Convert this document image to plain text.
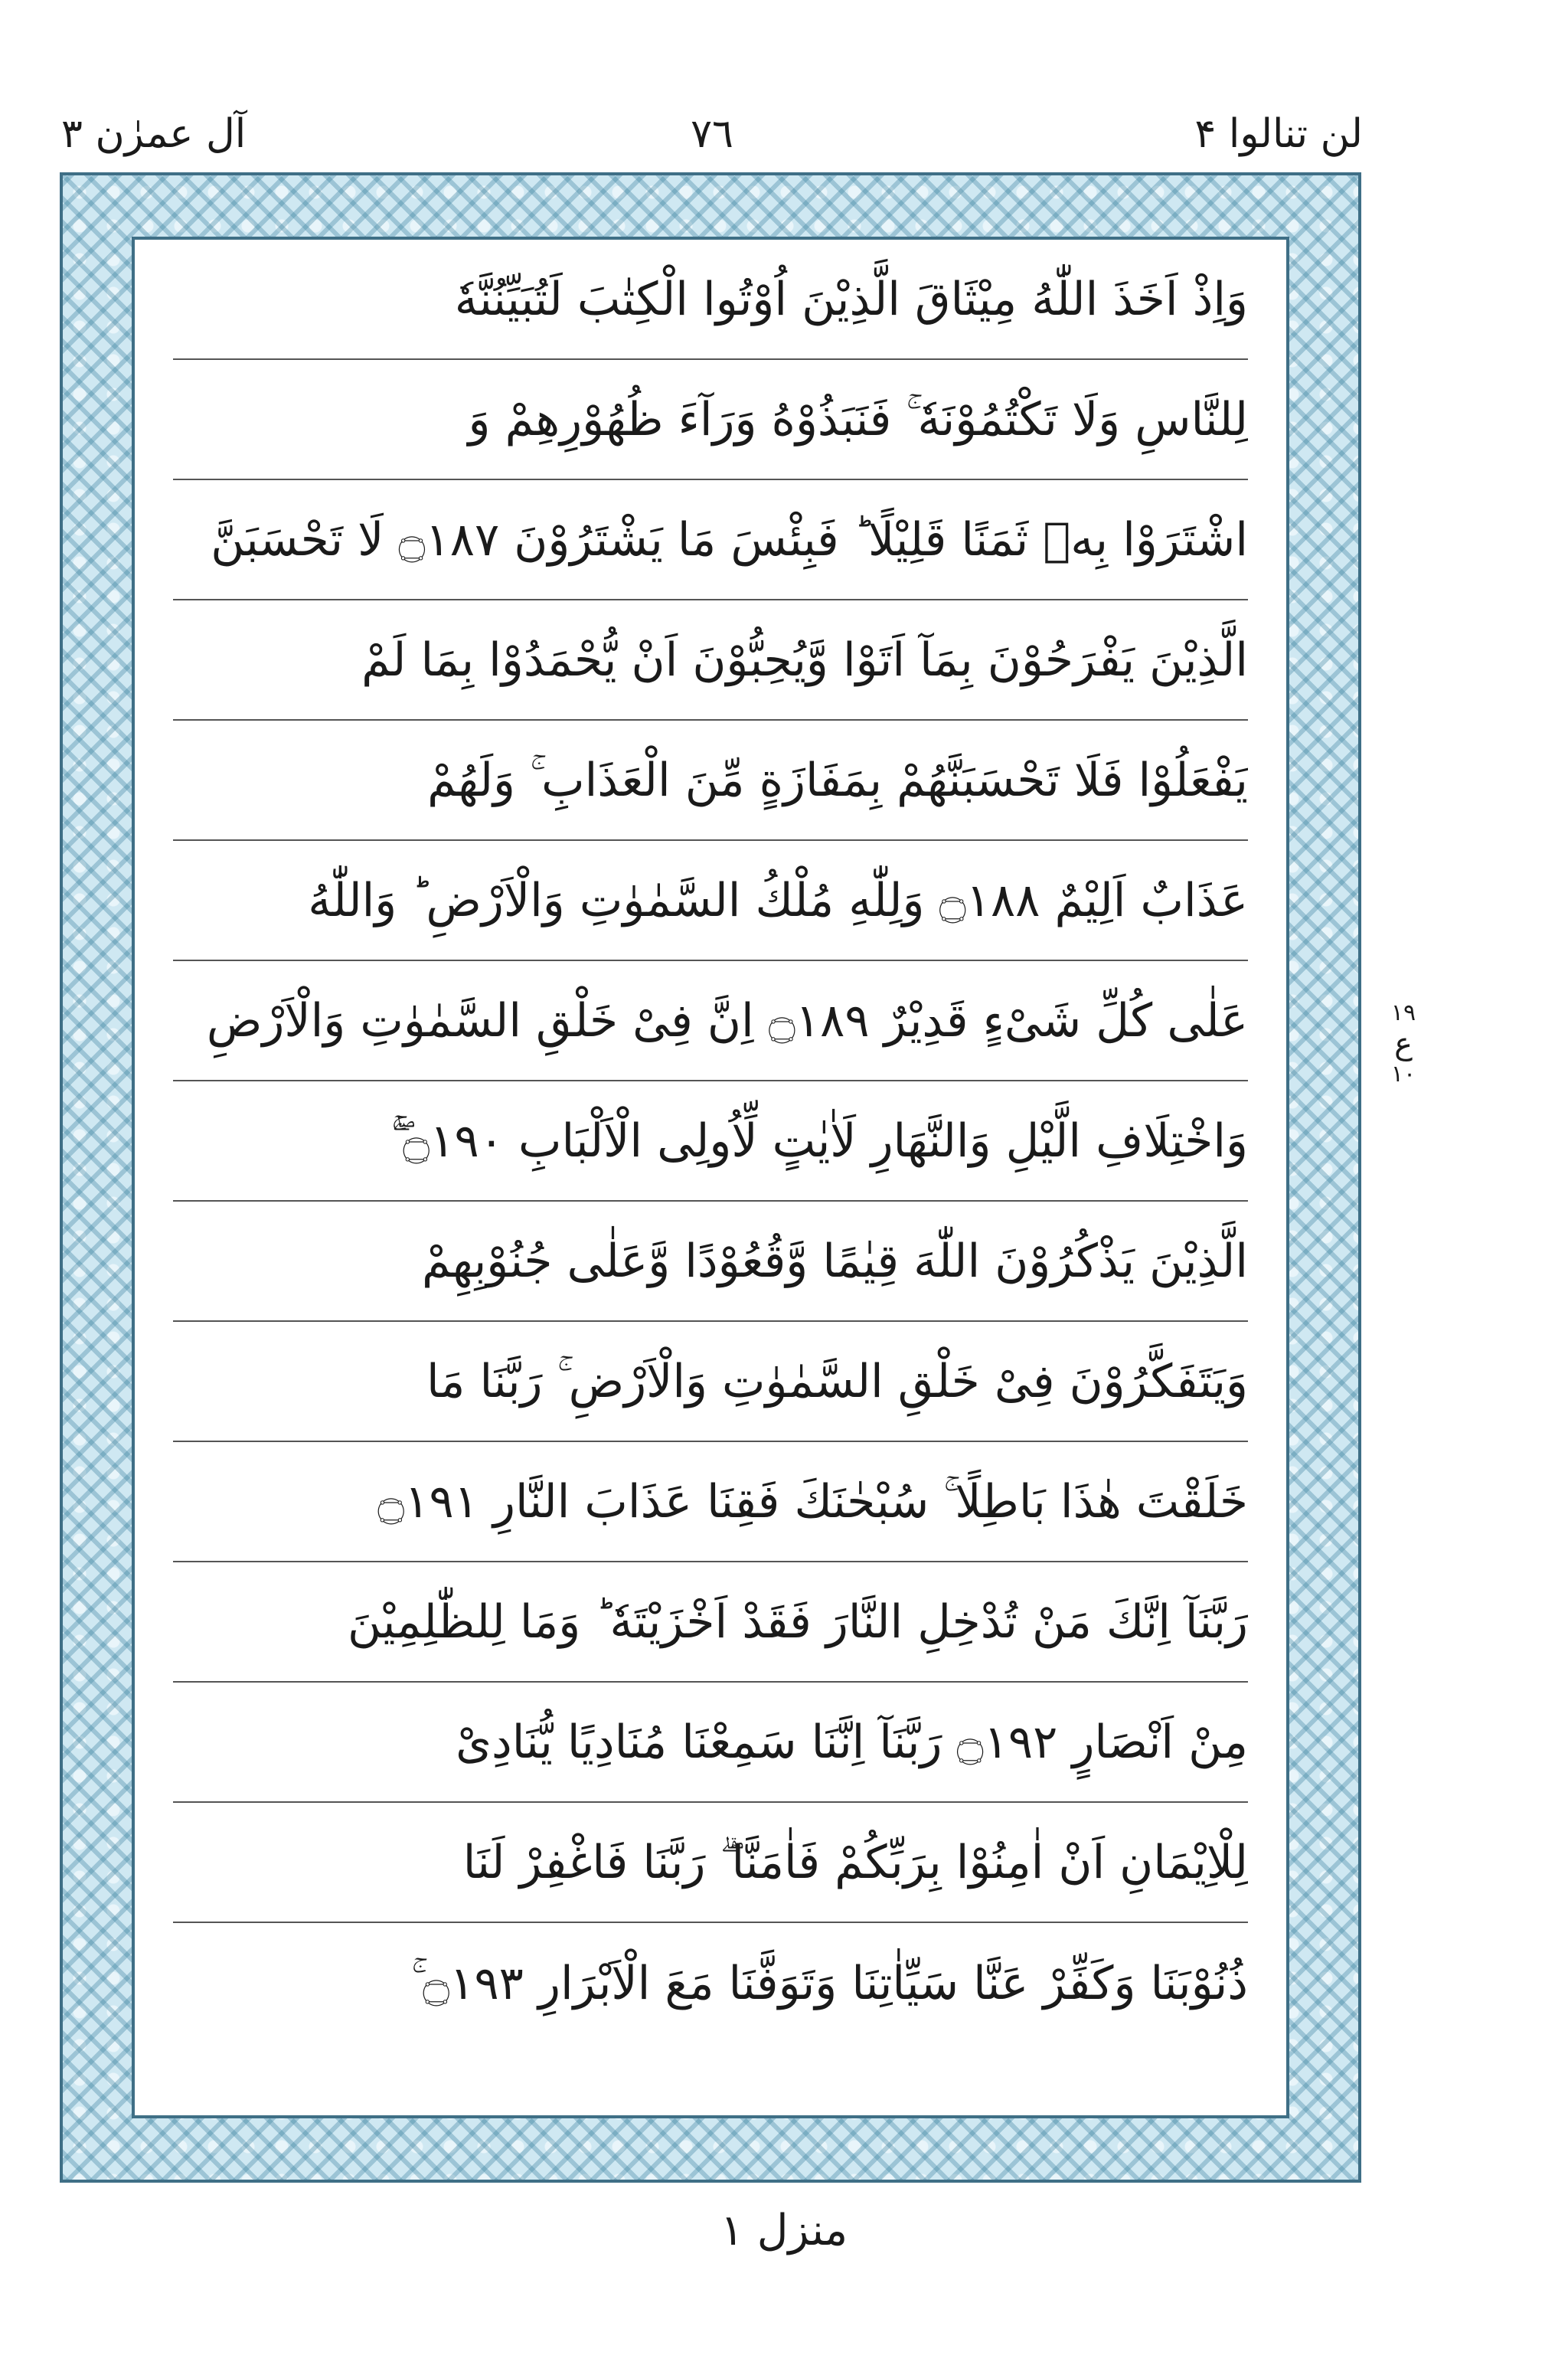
آل عمرٰن ۳	٧٦	لن تنالوا ۴
وَاِذْ اَخَذَ اللّٰهُ مِيْثَاقَ الَّذِيْنَ اُوْتُوا الْكِتٰبَ لَتُبَيِّنُنَّهٗ
لِلنَّاسِ وَلَا تَكْتُمُوْنَهٗ ۚ فَنَبَذُوْهُ وَرَآءَ ظُهُوْرِهِمْ وَ
اشْتَرَوْا بِهٖ ثَمَنًا قَلِيْلًا ؕ فَبِئْسَ مَا يَشْتَرُوْنَ ۝١٨٧ لَا تَحْسَبَنَّ
الَّذِيْنَ يَفْرَحُوْنَ بِمَآ اَتَوْا وَّيُحِبُّوْنَ اَنْ يُّحْمَدُوْا بِمَا لَمْ
يَفْعَلُوْا فَلَا تَحْسَبَنَّهُمْ بِمَفَازَةٍ مِّنَ الْعَذَابِ ۚ وَلَهُمْ
عَذَابٌ اَلِيْمٌ ۝١٨٨ وَلِلّٰهِ مُلْكُ السَّمٰوٰتِ وَالْاَرْضِ ؕ وَاللّٰهُ
عَلٰى كُلِّ شَىْءٍ قَدِيْرٌ ۝١٨٩ اِنَّ فِىْ خَلْقِ السَّمٰوٰتِ وَالْاَرْضِ
وَاخْتِلَافِ الَّيْلِ وَالنَّهَارِ لَاٰيٰتٍ لِّاُولِى الْاَلْبَابِ ۝١٩٠ ۚۖ
الَّذِيْنَ يَذْكُرُوْنَ اللّٰهَ قِيٰمًا وَّقُعُوْدًا وَّعَلٰى جُنُوْبِهِمْ
وَيَتَفَكَّرُوْنَ فِىْ خَلْقِ السَّمٰوٰتِ وَالْاَرْضِ ۚ رَبَّنَا مَا
خَلَقْتَ هٰذَا بَاطِلًا ۚ سُبْحٰنَكَ فَقِنَا عَذَابَ النَّارِ ۝١٩١
رَبَّنَآ اِنَّكَ مَنْ تُدْخِلِ النَّارَ فَقَدْ اَخْزَيْتَهٗ ؕ وَمَا لِلظّٰلِمِيْنَ
مِنْ اَنْصَارٍ ۝١٩٢ رَبَّنَآ اِنَّنَا سَمِعْنَا مُنَادِيًا يُّنَادِىْ
لِلْاِيْمَانِ اَنْ اٰمِنُوْا بِرَبِّكُمْ فَاٰمَنَّا ۖۗ رَبَّنَا فَاغْفِرْ لَنَا
ذُنُوْبَنَا وَكَفِّرْ عَنَّا سَيِّاٰتِنَا وَتَوَفَّنَا مَعَ الْاَبْرَارِ ۝١٩٣ ۚ
١٩
ع
١٠
منزل ۱
